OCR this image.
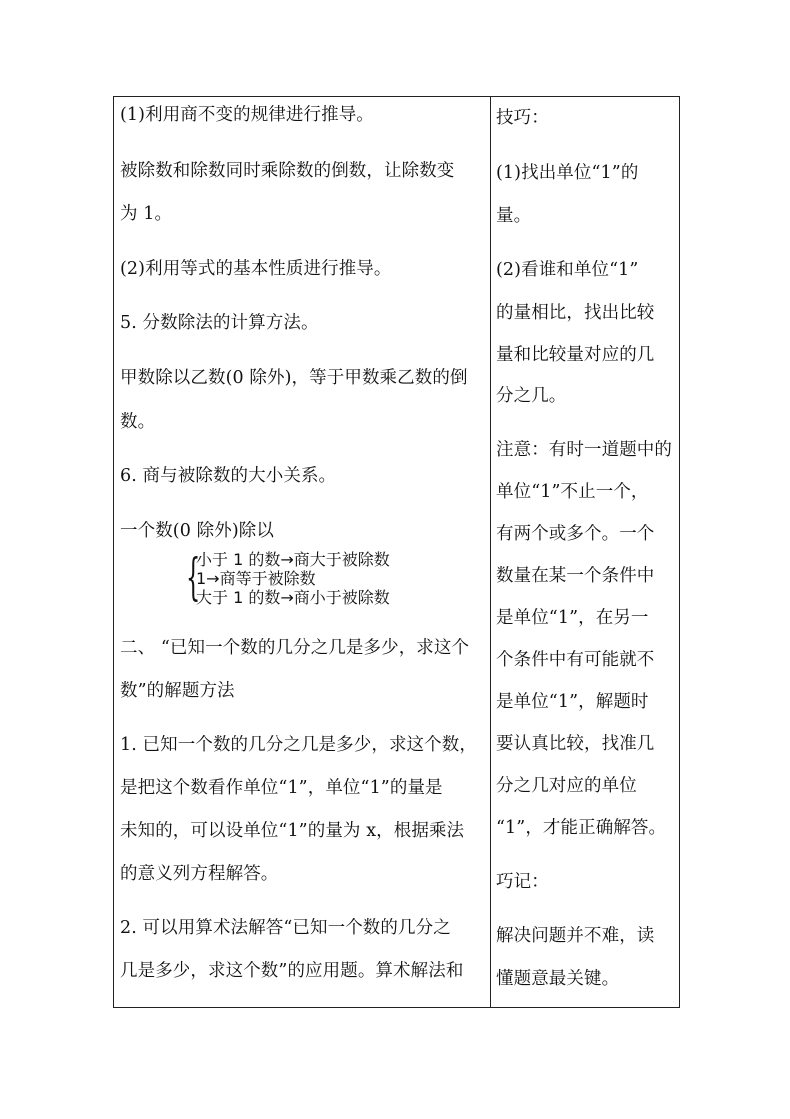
(1)利用商不变的规律进行推导。
被除数和除数同时乘除数的倒数，让除数变
为 1。
(2)利用等式的基本性质进行推导。
5. 分数除法的计算方法。
甲数除以乙数(0 除外)，等于甲数乘乙数的倒
数。
6. 商与被除数的大小关系。
一个数(0 除外)除以
二、 “已知一个数的几分之几是多少，求这个
数”的解题方法
1. 已知一个数的几分之几是多少，求这个数，
是把这个数看作单位“1”，单位“1”的量是
未知的，可以设单位“1”的量为 x，根据乘法
的意义列方程解答。
2. 可以用算术法解答“已知一个数的几分之
几是多少，求这个数”的应用题。算术解法和
{
小于 1 的数→商大于被除数
1→商等于被除数
大于 1 的数→商小于被除数
技巧：
(1)找出单位“1”的
量。
(2)看谁和单位“1”
的量相比，找出比较
量和比较量对应的几
分之几。
注意：有时一道题中的
单位“1”不止一个，
有两个或多个。一个
数量在某一个条件中
是单位“1”，在另一
个条件中有可能就不
是单位“1”，解题时
要认真比较，找准几
分之几对应的单位
“1”，才能正确解答。
巧记：
解决问题并不难，读
懂题意最关键。
